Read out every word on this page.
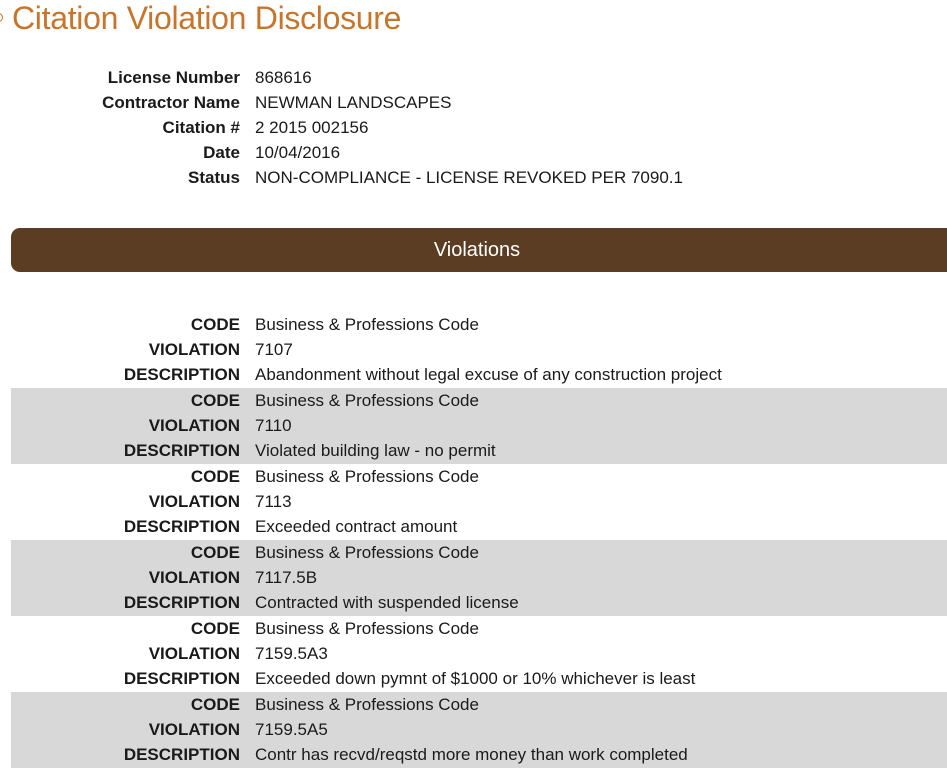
Citation Violation Disclosure
License Number 868616
Contractor Name NEWMAN LANDSCAPES
Citation # 2 2015 002156
Date 10/04/2016
Status NON-COMPLIANCE - LICENSE REVOKED PER 7090.1
Violations
CODE Business & Professions Code
VIOLATION 7107
DESCRIPTION Abandonment without legal excuse of any construction project
CODE Business & Professions Code
VIOLATION 7110
DESCRIPTION Violated building law - no permit
CODE Business & Professions Code
VIOLATION 7113
DESCRIPTION Exceeded contract amount
CODE Business & Professions Code
VIOLATION 7117.5B
DESCRIPTION Contracted with suspended license
CODE Business & Professions Code
VIOLATION 7159.5A3
DESCRIPTION Exceeded down pymnt of $1000 or 10% whichever is least
CODE Business & Professions Code
VIOLATION 7159.5A5
DESCRIPTION Contr has recvd/reqstd more money than work completed
